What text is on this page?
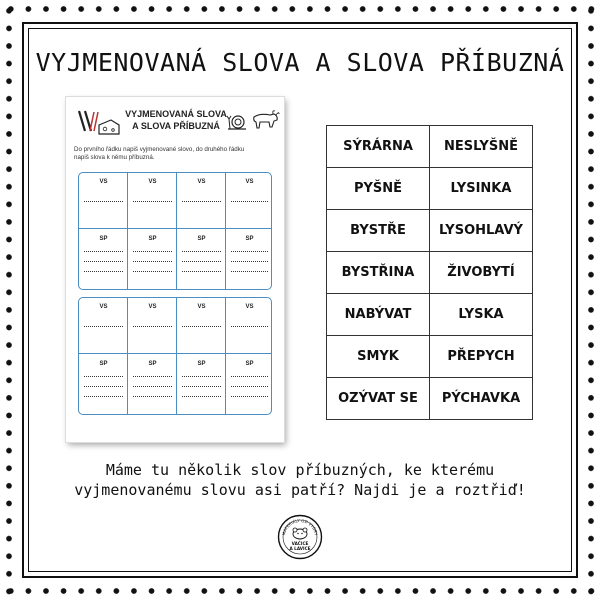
VYJMENOVANÁ SLOVA A SLOVA PŘÍBUZNÁ
VYJMENOVANÁ SLOVA
A SLOVA PŘÍBUZNÁ
Do prvního řádku napiš vyjmenované slovo, do druhého řádku
napiš slova k němu příbuzná.
VS	VS	VS	VS
SP	SP	SP	SP
VS	VS	VS	VS
SP	SP	SP	SP
SÝRÁRNA	NESLYŠNĚ
PYŠNĚ	LYSINKA
BYSTŘE	LYSOHLAVÝ
BYSTŘINA	ŽIVOBYTÍ
NABÝVAT	LYSKA
SMYK	PŘEPYCH
OZÝVAT SE	PÝCHAVKA
Máme tu několik slov příbuzných, ke kterému
vyjmenovanému slovu asi patří? Najdi je a roztřiď!
MATERIÁLY OD VYDRY
VAČICE
A LAVICE
